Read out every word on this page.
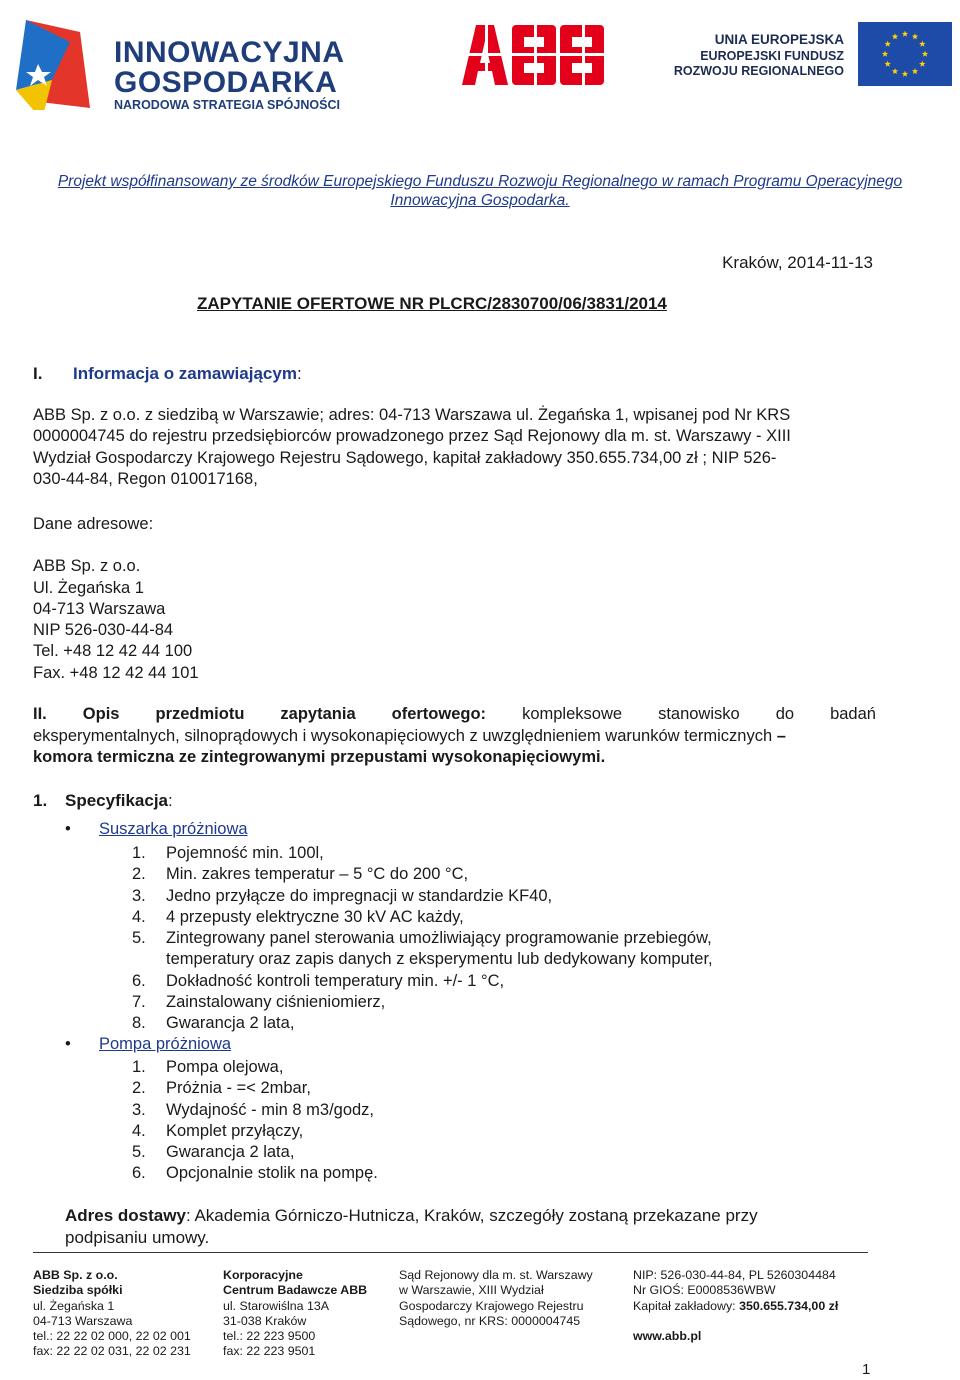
INNOWACYJNA
GOSPODARKA
NARODOWA STRATEGIA SPÓJNOŚCI
UNIA EUROPEJSKA
EUROPEJSKI FUNDUSZ
ROZWOJU REGIONALNEGO
Projekt współfinansowany ze środków Europejskiego Funduszu Rozwoju Regionalnego w ramach Programu Operacyjnego Innowacyjna Gospodarka.
Kraków, 2014-11-13
ZAPYTANIE OFERTOWE NR PLCRC/2830700/06/3831/2014
I. Informacja o zamawiającym:
ABB Sp. z o.o. z siedzibą w Warszawie; adres: 04-713 Warszawa ul. Żegańska 1, wpisanej pod Nr KRS
0000004745 do rejestru przedsiębiorców prowadzonego przez Sąd Rejonowy dla m. st. Warszawy - XIII
Wydział Gospodarczy Krajowego Rejestru Sądowego, kapitał zakładowy 350.655.734,00 zł ; NIP 526-
030-44-84, Regon 010017168,
Dane adresowe:
ABB Sp. z o.o.
Ul. Żegańska 1
04-713 Warszawa
NIP 526-030-44-84
Tel. +48 12 42 44 100
Fax. +48 12 42 44 101
II. Opis przedmiotu zapytania ofertowego: kompleksowe stanowisko do badań
eksperymentalnych, silnoprądowych i wysokonapięciowych z uwzględnieniem warunków termicznych –
komora termiczna ze zintegrowanymi przepustami wysokonapięciowymi.
1. Specyfikacja:
• Suszarka próżniowa
1.	Pojemność min. 100l,
2.	Min. zakres temperatur – 5 °C do 200 °C,
3.	Jedno przyłącze do impregnacji w standardzie KF40,
4.	4 przepusty elektryczne 30 kV AC każdy,
5.	Zintegrowany panel sterowania umożliwiający programowanie przebiegów,
temperatury oraz zapis danych z eksperymentu lub dedykowany komputer,
6.	Dokładność kontroli temperatury min. +/- 1 °C,
7.	Zainstalowany ciśnieniomierz,
8.	Gwarancja 2 lata,
• Pompa próżniowa
1.	Pompa olejowa,
2.	Próżnia - =< 2mbar,
3.	Wydajność - min 8 m3/godz,
4.	Komplet przyłączy,
5.	Gwarancja 2 lata,
6.	Opcjonalnie stolik na pompę.
Adres dostawy: Akademia Górniczo-Hutnicza, Kraków, szczegóły zostaną przekazane przy
podpisaniu umowy.
ABB Sp. z o.o.
Siedziba spółki
ul. Żegańska 1
04-713 Warszawa
tel.: 22 22 02 000, 22 02 001
fax: 22 22 02 031, 22 02 231
Korporacyjne
Centrum Badawcze ABB
ul. Starowiślna 13A
31-038 Kraków
tel.: 22 223 9500
fax: 22 223 9501
Sąd Rejonowy dla m. st. Warszawy
w Warszawie, XIII Wydział
Gospodarczy Krajowego Rejestru
Sądowego, nr KRS: 0000004745
NIP: 526-030-44-84, PL 5260304484
Nr GIOŚ: E0008536WBW
Kapitał zakładowy: 350.655.734,00 zł
www.abb.pl
1
